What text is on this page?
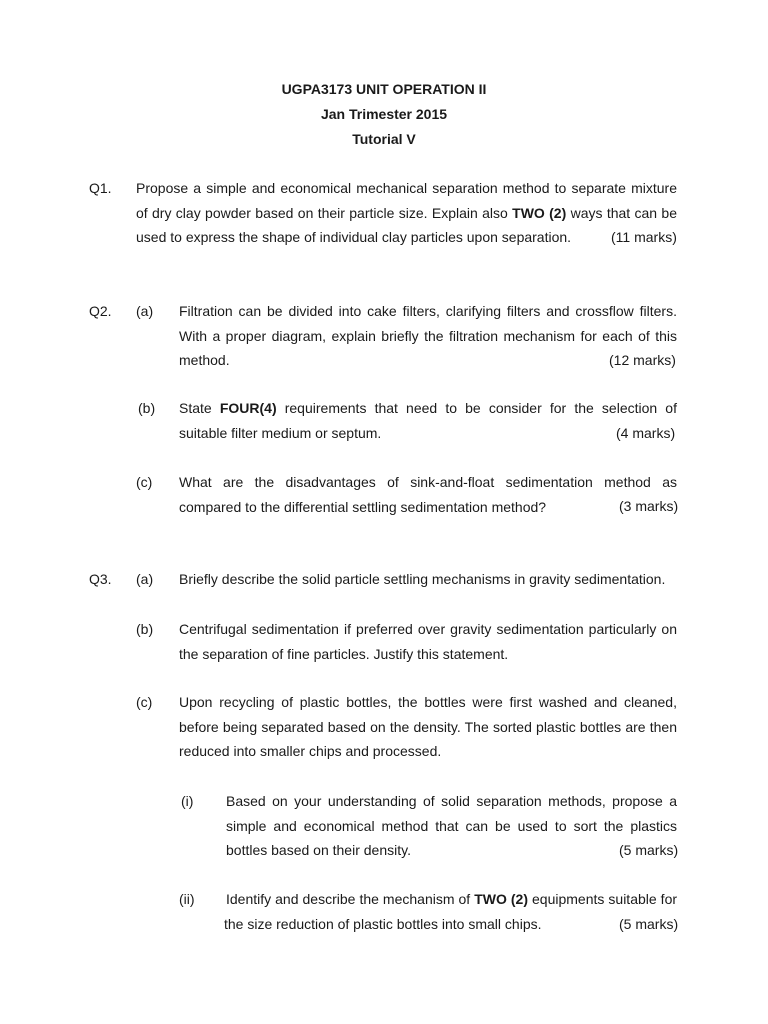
UGPA3173 UNIT OPERATION II
Jan Trimester 2015
Tutorial V
Q1. Propose a simple and economical mechanical separation method to separate mixture of dry clay powder based on their particle size. Explain also TWO (2) ways that can be used to express the shape of individual clay particles upon separation.	(11 marks)
Q2. (a) Filtration can be divided into cake filters, clarifying filters and crossflow filters. With a proper diagram, explain briefly the filtration mechanism for each of this method.	(12 marks)
(b) State FOUR(4) requirements that need to be consider for the selection of suitable filter medium or septum.	(4 marks)
(c) What are the disadvantages of sink-and-float sedimentation method as compared to the differential settling sedimentation method?	(3 marks)
Q3. (a) Briefly describe the solid particle settling mechanisms in gravity sedimentation.
(b) Centrifugal sedimentation if preferred over gravity sedimentation particularly on the separation of fine particles. Justify this statement.
(c) Upon recycling of plastic bottles, the bottles were first washed and cleaned, before being separated based on the density. The sorted plastic bottles are then reduced into smaller chips and processed.
(i) Based on your understanding of solid separation methods, propose a simple and economical method that can be used to sort the plastics bottles based on their density.	(5 marks)
(ii) Identify and describe the mechanism of TWO (2) equipments suitable for the size reduction of plastic bottles into small chips.	(5 marks)
